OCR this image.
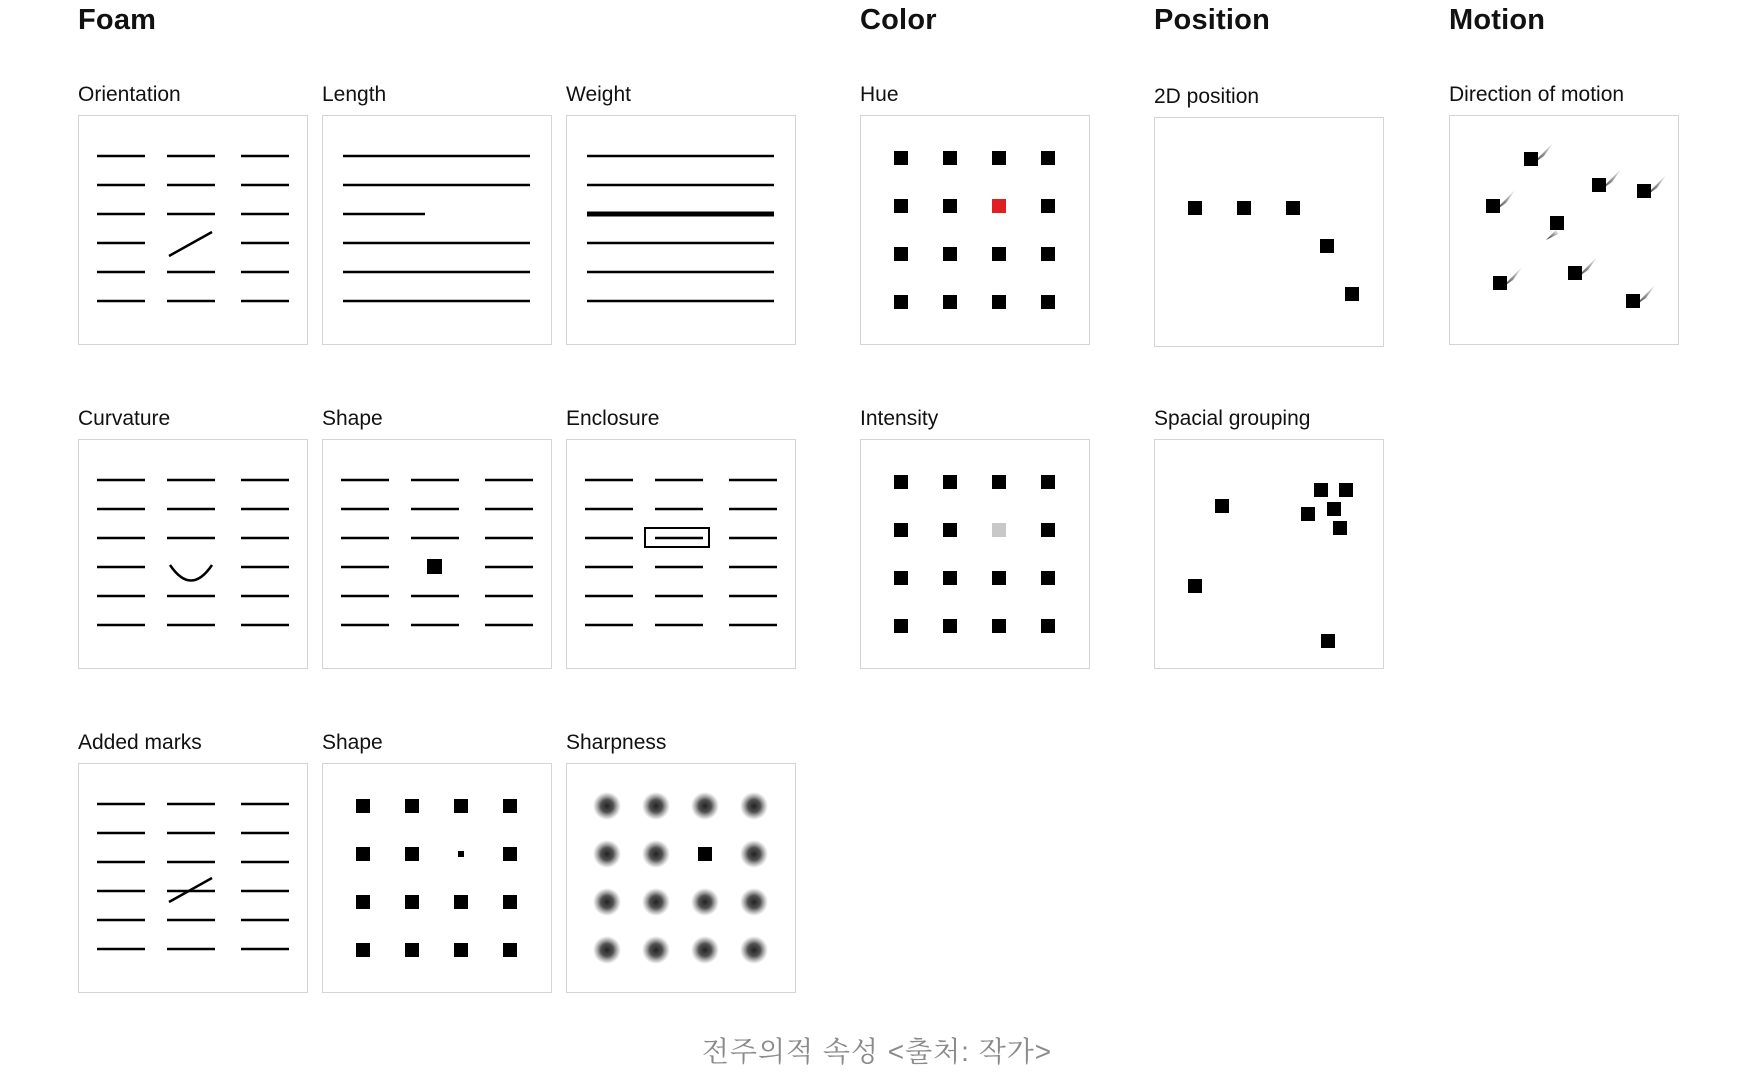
Foam	Color	Position	Motion
Orientation	Length	Weight	Hue	2D position	Direction of motion
Curvature	Shape	Enclosure	Intensity	Spacial grouping
Added marks	Shape	Sharpness
전주의적 속성 <출처: 작가>
